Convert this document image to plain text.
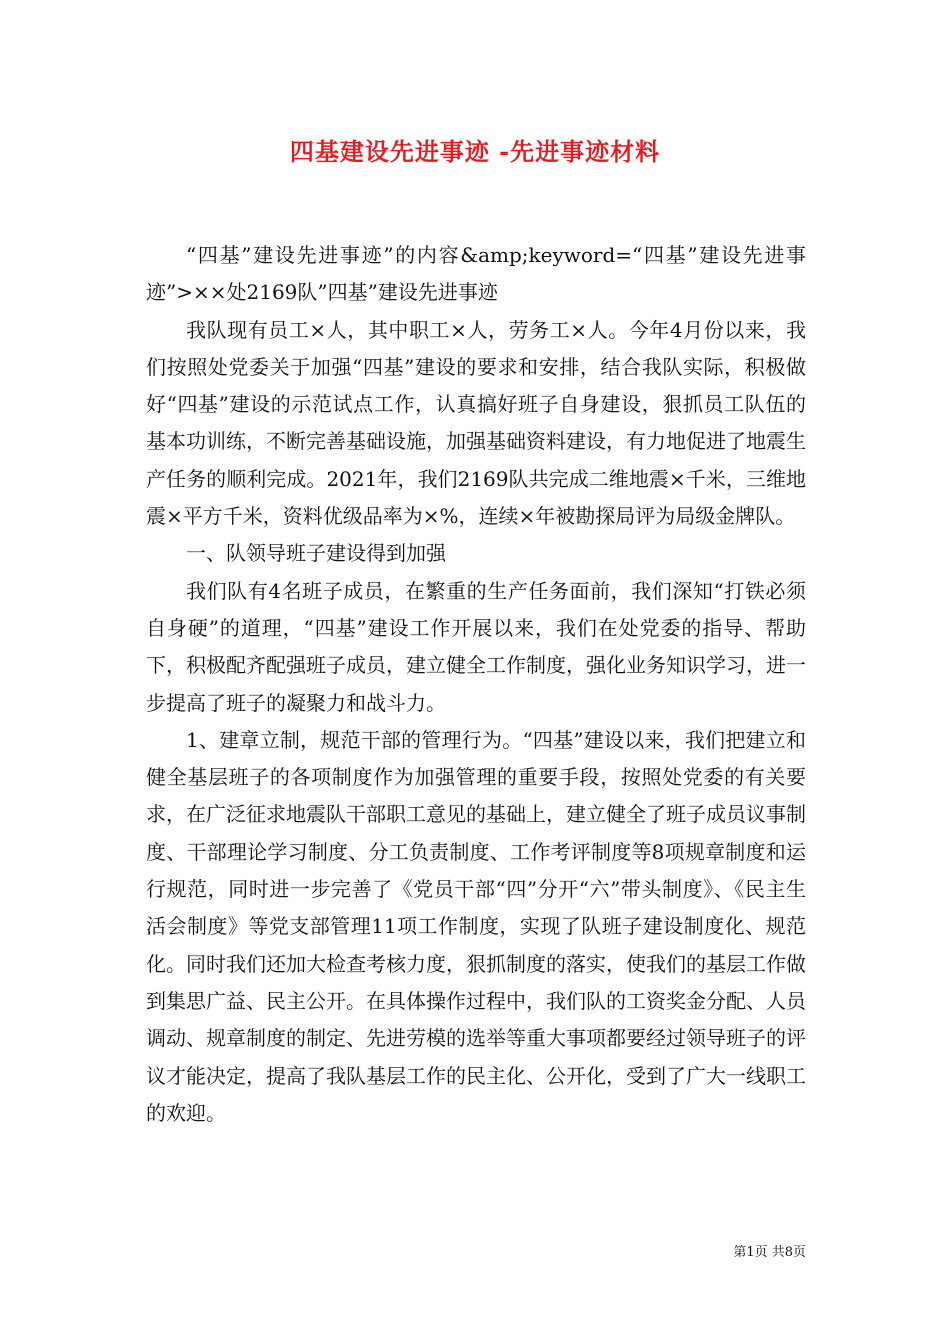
四基建设先进事迹 -先进事迹材料

“四基”建设先进事迹”的内容&amp;keyword=“四基”建设先进事迹”>××处2169队”四基”建设先进事迹

我队现有员工×人，其中职工×人，劳务工×人。今年4月份以来，我们按照处党委关于加强“四基”建设的要求和安排，结合我队实际，积极做好“四基”建设的示范试点工作，认真搞好班子自身建设，狠抓员工队伍的基本功训练，不断完善基础设施，加强基础资料建设，有力地促进了地震生产任务的顺利完成。2021年，我们2169队共完成二维地震×千米，三维地震×平方千米，资料优级品率为×%，连续×年被勘探局评为局级金牌队。

一、队领导班子建设得到加强

我们队有4名班子成员，在繁重的生产任务面前，我们深知“打铁必须自身硬”的道理，“四基”建设工作开展以来，我们在处党委的指导、帮助下，积极配齐配强班子成员，建立健全工作制度，强化业务知识学习，进一步提高了班子的凝聚力和战斗力。

1、建章立制，规范干部的管理行为。“四基”建设以来，我们把建立和健全基层班子的各项制度作为加强管理的重要手段，按照处党委的有关要求，在广泛征求地震队干部职工意见的基础上，建立健全了班子成员议事制度、干部理论学习制度、分工负责制度、工作考评制度等8项规章制度和运行规范，同时进一步完善了《党员干部“四”分开“六”带头制度》、《民主生活会制度》等党支部管理11项工作制度，实现了队班子建设制度化、规范化。同时我们还加大检查考核力度，狠抓制度的落实，使我们的基层工作做到集思广益、民主公开。在具体操作过程中，我们队的工资奖金分配、人员调动、规章制度的制定、先进劳模的选举等重大事项都要经过领导班子的评议才能决定，提高了我队基层工作的民主化、公开化，受到了广大一线职工的欢迎。

第1页 共8页
